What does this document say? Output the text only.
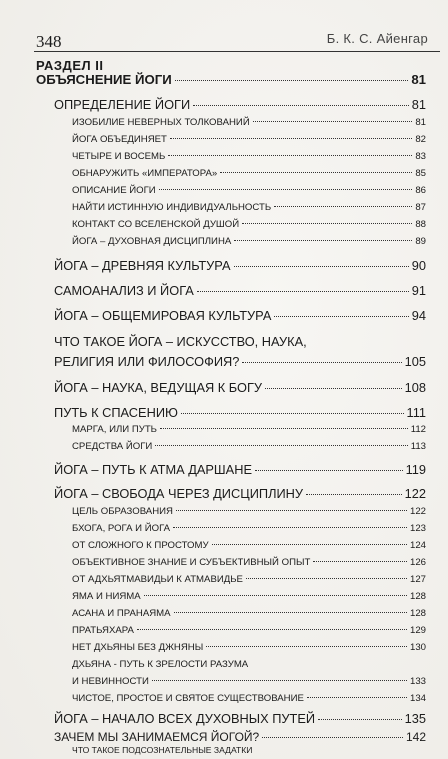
348	Б. К. С. Айенгар
РАЗДЕЛ II
ОБЪЯСНЕНИЕ ЙОГИ	81
ОПРЕДЕЛЕНИЕ ЙОГИ	81
ИЗОБИЛИЕ НЕВЕРНЫХ ТОЛКОВАНИЙ	81
ЙОГА ОБЪЕДИНЯЕТ	82
ЧЕТЫРЕ И ВОСЕМЬ	83
ОБНАРУЖИТЬ «ИМПЕРАТОРА»	85
ОПИСАНИЕ ЙОГИ	86
НАЙТИ ИСТИННУЮ ИНДИВИДУАЛЬНОСТЬ	87
КОНТАКТ СО ВСЕЛЕНСКОЙ ДУШОЙ	88
ЙОГА – ДУХОВНАЯ ДИСЦИПЛИНА	89
ЙОГА – ДРЕВНЯЯ КУЛЬТУРА	90
САМОАНАЛИЗ И ЙОГА	91
ЙОГА – ОБЩЕМИРОВАЯ КУЛЬТУРА	94
ЧТО ТАКОЕ ЙОГА – ИСКУССТВО, НАУКА,
РЕЛИГИЯ ИЛИ ФИЛОСОФИЯ?	105
ЙОГА – НАУКА, ВЕДУЩАЯ К БОГУ	108
ПУТЬ К СПАСЕНИЮ	111
МАРГА, ИЛИ ПУТЬ	112
СРЕДСТВА ЙОГИ	113
ЙОГА – ПУТЬ К АТМА ДАРШАНЕ	119
ЙОГА – СВОБОДА ЧЕРЕЗ ДИСЦИПЛИНУ	122
ЦЕЛЬ ОБРАЗОВАНИЯ	122
БХОГА, РОГА И ЙОГА	123
ОТ СЛОЖНОГО К ПРОСТОМУ	124
ОБЪЕКТИВНОЕ ЗНАНИЕ И СУБЪЕКТИВНЫЙ ОПЫТ	126
ОТ АДХЬЯТМАВИДЬИ К АТМАВИДЬЕ	127
ЯМА И НИЯМА	128
АСАНА И ПРАНАЯМА	128
ПРАТЬЯХАРА	129
НЕТ ДХЬЯНЫ БЕЗ ДЖНЯНЫ	130
ДХЬЯНА - ПУТЬ К ЗРЕЛОСТИ РАЗУМА
И НЕВИННОСТИ	133
ЧИСТОЕ, ПРОСТОЕ И СВЯТОЕ СУЩЕСТВОВАНИЕ	134
ЙОГА – НАЧАЛО ВСЕХ ДУХОВНЫХ ПУТЕЙ	135
ЗАЧЕМ МЫ ЗАНИМАЕМСЯ ЙОГОЙ?	142
ЧТО ТАКОЕ ПОДСОЗНАТЕЛЬНЫЕ ЗАДАТКИ
